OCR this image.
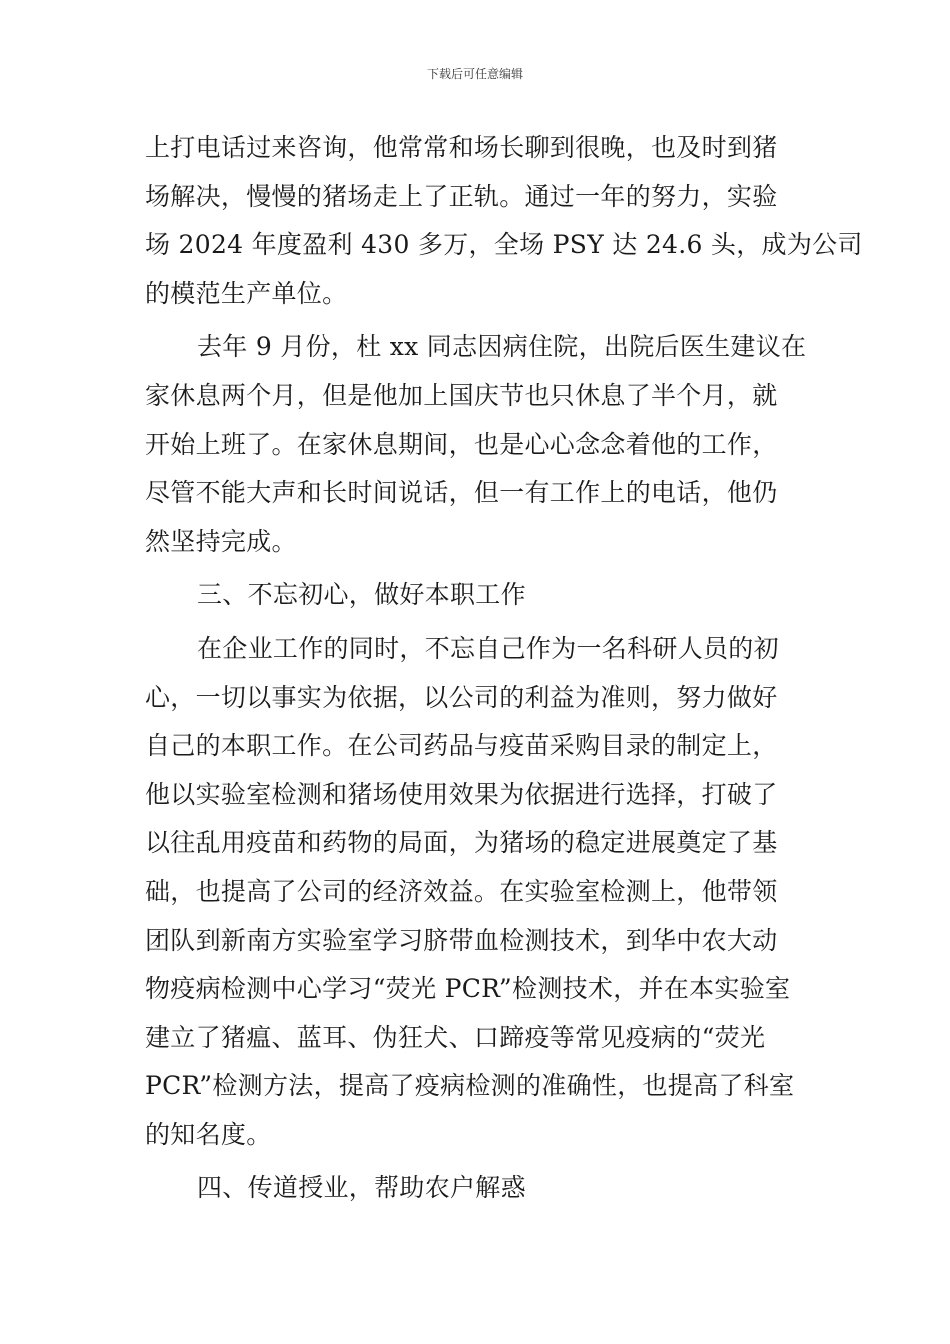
下载后可任意编辑
上打电话过来咨询，他常常和场长聊到很晚，也及时到猪
场解决，慢慢的猪场走上了正轨。通过一年的努力，实验
场 2024 年度盈利 430 多万，全场 PSY 达 24.6 头，成为公司
的模范生产单位。
去年 9 月份，杜 xx 同志因病住院，出院后医生建议在
家休息两个月，但是他加上国庆节也只休息了半个月，就
开始上班了。在家休息期间，也是心心念念着他的工作，
尽管不能大声和长时间说话，但一有工作上的电话，他仍
然坚持完成。
三、不忘初心，做好本职工作
在企业工作的同时，不忘自己作为一名科研人员的初
心，一切以事实为依据，以公司的利益为准则，努力做好
自己的本职工作。在公司药品与疫苗采购目录的制定上，
他以实验室检测和猪场使用效果为依据进行选择，打破了
以往乱用疫苗和药物的局面，为猪场的稳定进展奠定了基
础，也提高了公司的经济效益。在实验室检测上，他带领
团队到新南方实验室学习脐带血检测技术，到华中农大动
物疫病检测中心学习“荧光 PCR”检测技术，并在本实验室
建立了猪瘟、蓝耳、伪狂犬、口蹄疫等常见疫病的“荧光
PCR”检测方法，提高了疫病检测的准确性，也提高了科室
的知名度。
四、传道授业，帮助农户解惑
